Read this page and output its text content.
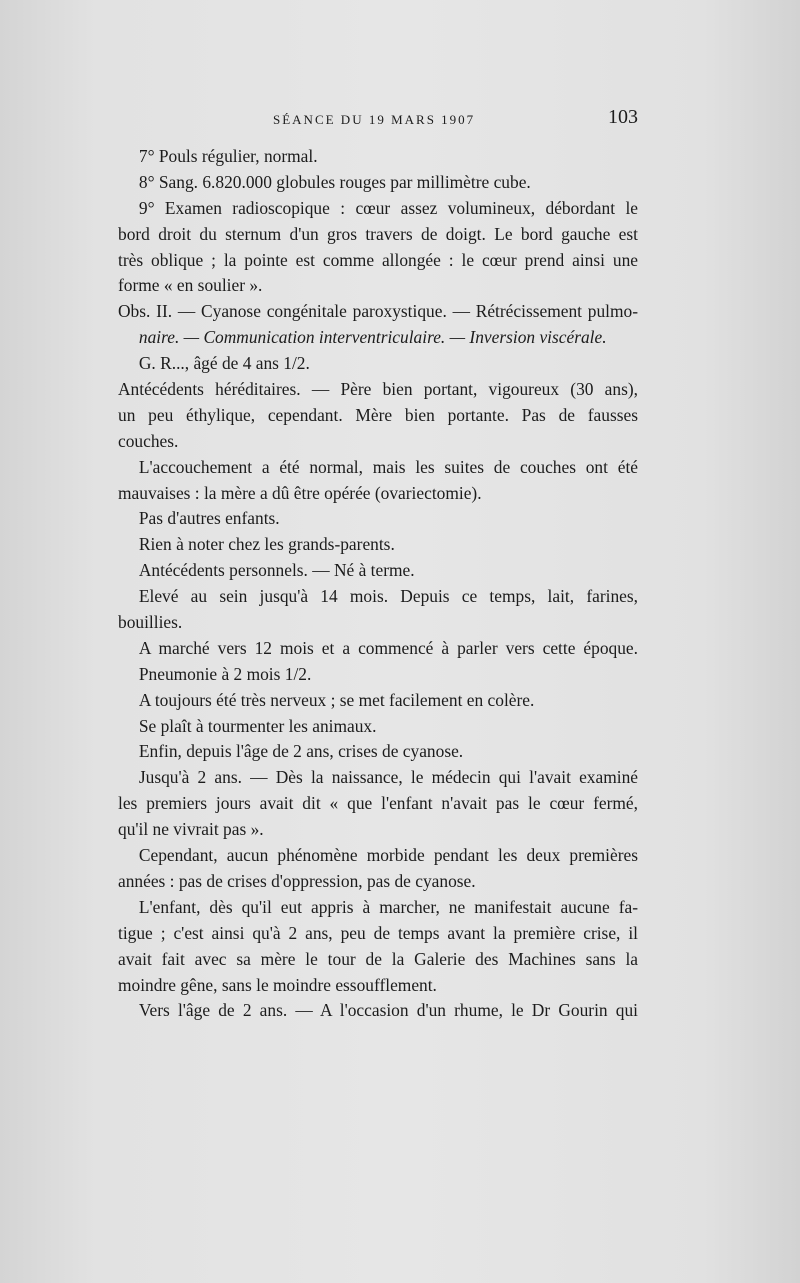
SÉANCE DU 19 MARS 1907	103
7° Pouls régulier, normal.
8° Sang. 6.820.000 globules rouges par millimètre cube.
9° Examen radioscopique : cœur assez volumineux, débordant le
bord droit du sternum d'un gros travers de doigt. Le bord gauche est
très oblique ; la pointe est comme allongée : le cœur prend ainsi une
forme « en soulier ».
Obs. II. — Cyanose congénitale paroxystique. — Rétrécissement pulmo-
naire. — Communication interventriculaire. — Inversion viscérale.
G. R..., âgé de 4 ans 1/2.
Antécédents héréditaires. — Père bien portant, vigoureux (30 ans),
un peu éthylique, cependant. Mère bien portante. Pas de fausses
couches.
L'accouchement a été normal, mais les suites de couches ont été
mauvaises : la mère a dû être opérée (ovariectomie).
Pas d'autres enfants.
Rien à noter chez les grands-parents.
Antécédents personnels. — Né à terme.
Elevé au sein jusqu'à 14 mois. Depuis ce temps, lait, farines,
bouillies.
A marché vers 12 mois et a commencé à parler vers cette époque.
Pneumonie à 2 mois 1/2.
A toujours été très nerveux ; se met facilement en colère.
Se plaît à tourmenter les animaux.
Enfin, depuis l'âge de 2 ans, crises de cyanose.
Jusqu'à 2 ans. — Dès la naissance, le médecin qui l'avait examiné
les premiers jours avait dit « que l'enfant n'avait pas le cœur fermé,
qu'il ne vivrait pas ».
Cependant, aucun phénomène morbide pendant les deux premières
années : pas de crises d'oppression, pas de cyanose.
L'enfant, dès qu'il eut appris à marcher, ne manifestait aucune fa-
tigue ; c'est ainsi qu'à 2 ans, peu de temps avant la première crise, il
avait fait avec sa mère le tour de la Galerie des Machines sans la
moindre gêne, sans le moindre essoufflement.
Vers l'âge de 2 ans. — A l'occasion d'un rhume, le Dr Gourin qui
